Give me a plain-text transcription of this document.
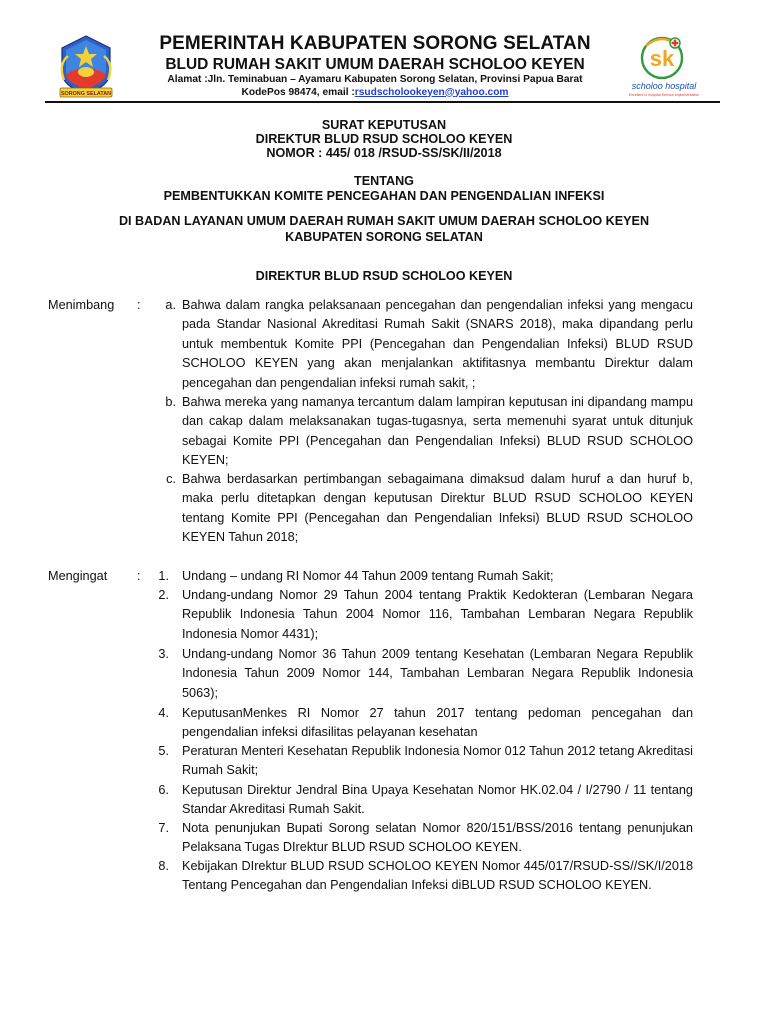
SORONG SELATAN
PEMERINTAH KABUPATEN SORONG SELATAN
BLUD RUMAH SAKIT UMUM DAERAH SCHOLOO KEYEN
Alamat :Jln. Teminabuan – Ayamaru Kabupaten Sorong Selatan, Provinsi Papua Barat
KodePos 98474, email :rsudscholookeyen@yahoo.com
sk
scholoo hospital
Excellent in hospital Service Implementation
SURAT KEPUTUSAN
DIREKTUR BLUD RSUD SCHOLOO KEYEN
NOMOR : 445/ 018 /RSUD-SS/SK/II/2018
TENTANG
PEMBENTUKKAN KOMITE PENCEGAHAN DAN PENGENDALIAN INFEKSI
DI BADAN LAYANAN UMUM DAERAH RUMAH SAKIT UMUM DAERAH SCHOLOO KEYEN
KABUPATEN SORONG SELATAN
DIREKTUR BLUD RSUD SCHOLOO KEYEN
Menimbang :	a. Bahwa dalam rangka pelaksanaan pencegahan dan pengendalian infeksi yang mengacu pada Standar Nasional Akreditasi Rumah Sakit (SNARS 2018), maka dipandang perlu untuk membentuk Komite PPI (Pencegahan dan Pengendalian Infeksi) BLUD RSUD SCHOLOO KEYEN yang akan menjalankan aktifitasnya membantu Direktur dalam pencegahan dan pengendalian infeksi rumah sakit, ;
b. Bahwa mereka yang namanya tercantum dalam lampiran keputusan ini dipandang mampu dan cakap dalam melaksanakan tugas-tugasnya, serta memenuhi syarat untuk ditunjuk sebagai Komite PPI (Pencegahan dan Pengendalian Infeksi) BLUD RSUD SCHOLOO KEYEN;
c. Bahwa berdasarkan pertimbangan sebagaimana dimaksud dalam huruf a dan huruf b, maka perlu ditetapkan dengan keputusan Direktur BLUD RSUD SCHOLOO KEYEN tentang Komite PPI (Pencegahan dan Pengendalian Infeksi) BLUD RSUD SCHOLOO KEYEN Tahun 2018;
Mengingat :	1. Undang – undang RI Nomor 44 Tahun 2009 tentang Rumah Sakit;
2. Undang-undang Nomor 29 Tahun 2004 tentang Praktik Kedokteran (Lembaran Negara Republik Indonesia Tahun 2004 Nomor 116, Tambahan Lembaran Negara Republik Indonesia Nomor 4431);
3. Undang-undang Nomor 36 Tahun 2009 tentang Kesehatan (Lembaran Negara Republik Indonesia Tahun 2009 Nomor 144, Tambahan Lembaran Negara Republik Indonesia 5063);
4. KeputusanMenkes RI Nomor 27 tahun 2017 tentang pedoman pencegahan dan pengendalian infeksi difasilitas pelayanan kesehatan
5. Peraturan Menteri Kesehatan Republik Indonesia Nomor 012 Tahun 2012 tetang Akreditasi Rumah Sakit;
6. Keputusan Direktur Jendral Bina Upaya Kesehatan Nomor HK.02.04 / I/2790 / 11 tentang Standar Akreditasi Rumah Sakit.
7. Nota penunjukan Bupati Sorong selatan Nomor 820/151/BSS/2016 tentang penunjukan Pelaksana Tugas DIrektur BLUD RSUD SCHOLOO KEYEN.
8. Kebijakan DIrektur BLUD RSUD SCHOLOO KEYEN Nomor 445/017/RSUD-SS//SK/I/2018 Tentang Pencegahan dan Pengendalian Infeksi diBLUD RSUD SCHOLOO KEYEN.
